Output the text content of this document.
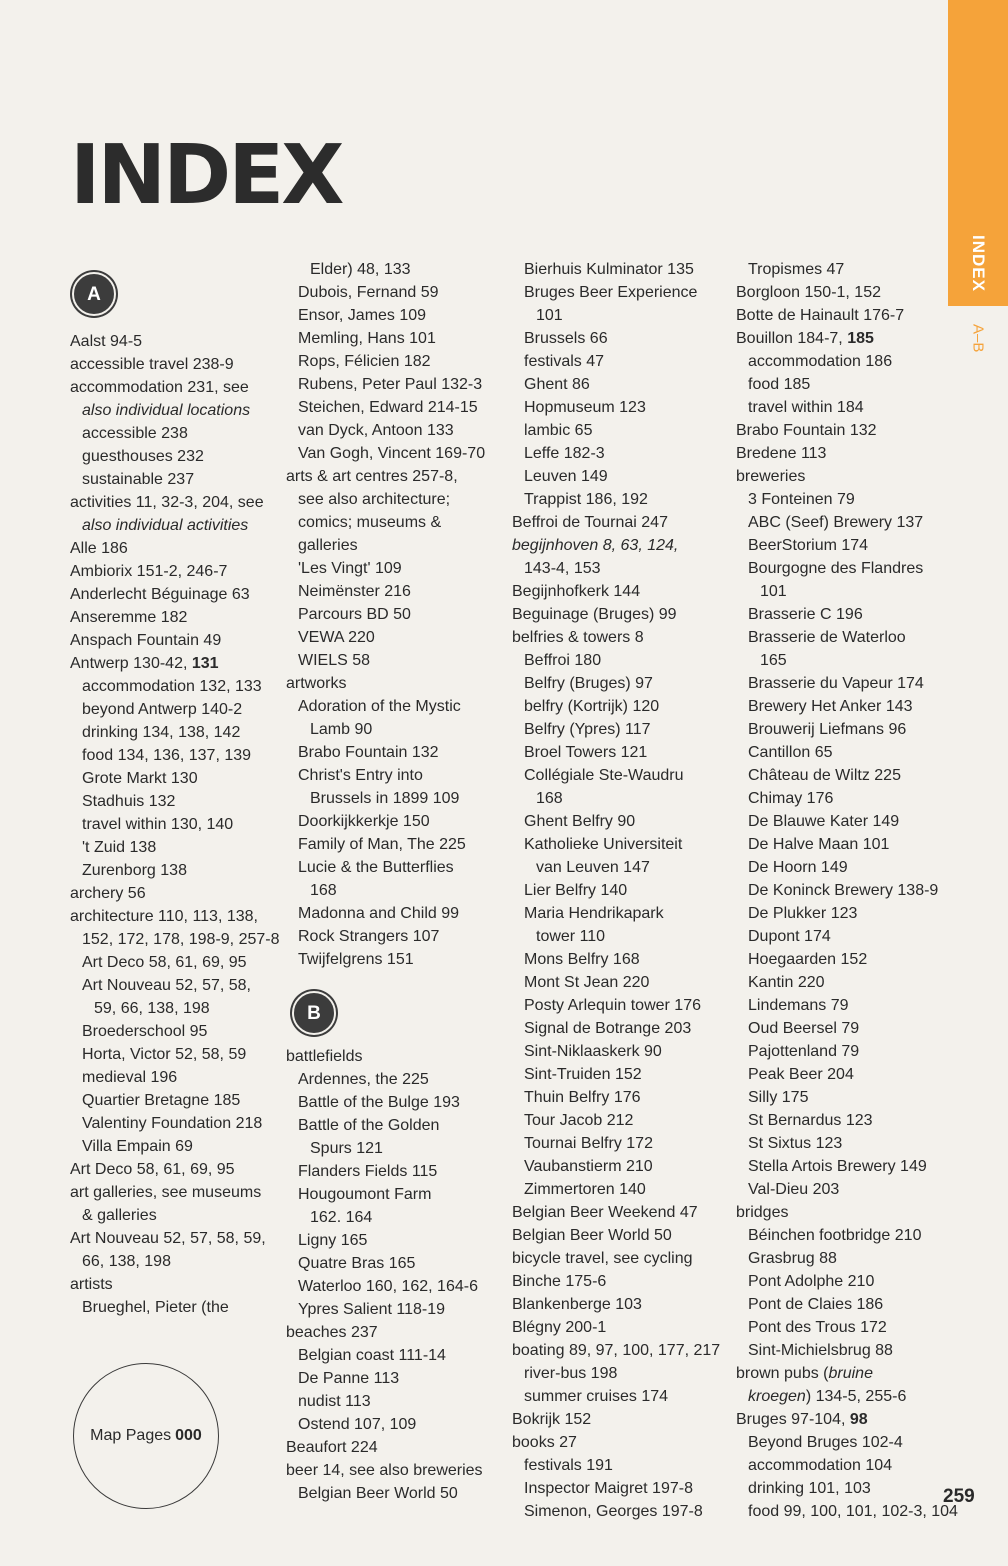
INDEX
INDEX
A–B
A
Aalst 94-5
accessible travel 238-9
accommodation 231, see
also individual locations
accessible 238
guesthouses 232
sustainable 237
activities 11, 32-3, 204, see
also individual activities
Alle 186
Ambiorix 151-2, 246-7
Anderlecht Béguinage 63
Anseremme 182
Anspach Fountain 49
Antwerp 130-42, 131
accommodation 132, 133
beyond Antwerp 140-2
drinking 134, 138, 142
food 134, 136, 137, 139
Grote Markt 130
Stadhuis 132
travel within 130, 140
't Zuid 138
Zurenborg 138
archery 56
architecture 110, 113, 138,
152, 172, 178, 198-9, 257-8
Art Deco 58, 61, 69, 95
Art Nouveau 52, 57, 58,
59, 66, 138, 198
Broederschool 95
Horta, Victor 52, 58, 59
medieval 196
Quartier Bretagne 185
Valentiny Foundation 218
Villa Empain 69
Art Deco 58, 61, 69, 95
art galleries, see museums
& galleries
Art Nouveau 52, 57, 58, 59,
66, 138, 198
artists
Brueghel, Pieter (the
Elder) 48, 133
Dubois, Fernand 59
Ensor, James 109
Memling, Hans 101
Rops, Félicien 182
Rubens, Peter Paul 132-3
Steichen, Edward 214-15
van Dyck, Antoon 133
Van Gogh, Vincent 169-70
arts & art centres 257-8,
see also architecture;
comics; museums &
galleries
'Les Vingt' 109
Neimënster 216
Parcours BD 50
VEWA 220
WIELS 58
artworks
Adoration of the Mystic
Lamb 90
Brabo Fountain 132
Christ's Entry into
Brussels in 1899 109
Doorkijkkerkje 150
Family of Man, The 225
Lucie & the Butterflies
168
Madonna and Child 99
Rock Strangers 107
Twijfelgrens 151
B
battlefields
Ardennes, the 225
Battle of the Bulge 193
Battle of the Golden
Spurs 121
Flanders Fields 115
Hougoumont Farm
162. 164
Ligny 165
Quatre Bras 165
Waterloo 160, 162, 164-6
Ypres Salient 118-19
beaches 237
Belgian coast 111-14
De Panne 113
nudist 113
Ostend 107, 109
Beaufort 224
beer 14, see also breweries
Belgian Beer World 50
Bierhuis Kulminator 135
Bruges Beer Experience
101
Brussels 66
festivals 47
Ghent 86
Hopmuseum 123
lambic 65
Leffe 182-3
Leuven 149
Trappist 186, 192
Beffroi de Tournai 247
begijnhoven 8, 63, 124,
143-4, 153
Begijnhofkerk 144
Beguinage (Bruges) 99
belfries & towers 8
Beffroi 180
Belfry (Bruges) 97
belfry (Kortrijk) 120
Belfry (Ypres) 117
Broel Towers 121
Collégiale Ste-Waudru
168
Ghent Belfry 90
Katholieke Universiteit
van Leuven 147
Lier Belfry 140
Maria Hendrikapark
tower 110
Mons Belfry 168
Mont St Jean 220
Posty Arlequin tower 176
Signal de Botrange 203
Sint-Niklaaskerk 90
Sint-Truiden 152
Thuin Belfry 176
Tour Jacob 212
Tournai Belfry 172
Vaubanstierm 210
Zimmertoren 140
Belgian Beer Weekend 47
Belgian Beer World 50
bicycle travel, see cycling
Binche 175-6
Blankenberge 103
Blégny 200-1
boating 89, 97, 100, 177, 217
river-bus 198
summer cruises 174
Bokrijk 152
books 27
festivals 191
Inspector Maigret 197-8
Simenon, Georges 197-8
Tropismes 47
Borgloon 150-1, 152
Botte de Hainault 176-7
Bouillon 184-7, 185
accommodation 186
food 185
travel within 184
Brabo Fountain 132
Bredene 113
breweries
3 Fonteinen 79
ABC (Seef) Brewery 137
BeerStorium 174
Bourgogne des Flandres
101
Brasserie C 196
Brasserie de Waterloo
165
Brasserie du Vapeur 174
Brewery Het Anker 143
Brouwerij Liefmans 96
Cantillon 65
Château de Wiltz 225
Chimay 176
De Blauwe Kater 149
De Halve Maan 101
De Hoorn 149
De Koninck Brewery 138-9
De Plukker 123
Dupont 174
Hoegaarden 152
Kantin 220
Lindemans 79
Oud Beersel 79
Pajottenland 79
Peak Beer 204
Silly 175
St Bernardus 123
St Sixtus 123
Stella Artois Brewery 149
Val-Dieu 203
bridges
Béinchen footbridge 210
Grasbrug 88
Pont Adolphe 210
Pont de Claies 186
Pont des Trous 172
Sint-Michielsbrug 88
brown pubs (bruine
kroegen) 134-5, 255-6
Bruges 97-104, 98
Beyond Bruges 102-4
accommodation 104
drinking 101, 103
food 99, 100, 101, 102-3, 104
Map Pages 000
259
